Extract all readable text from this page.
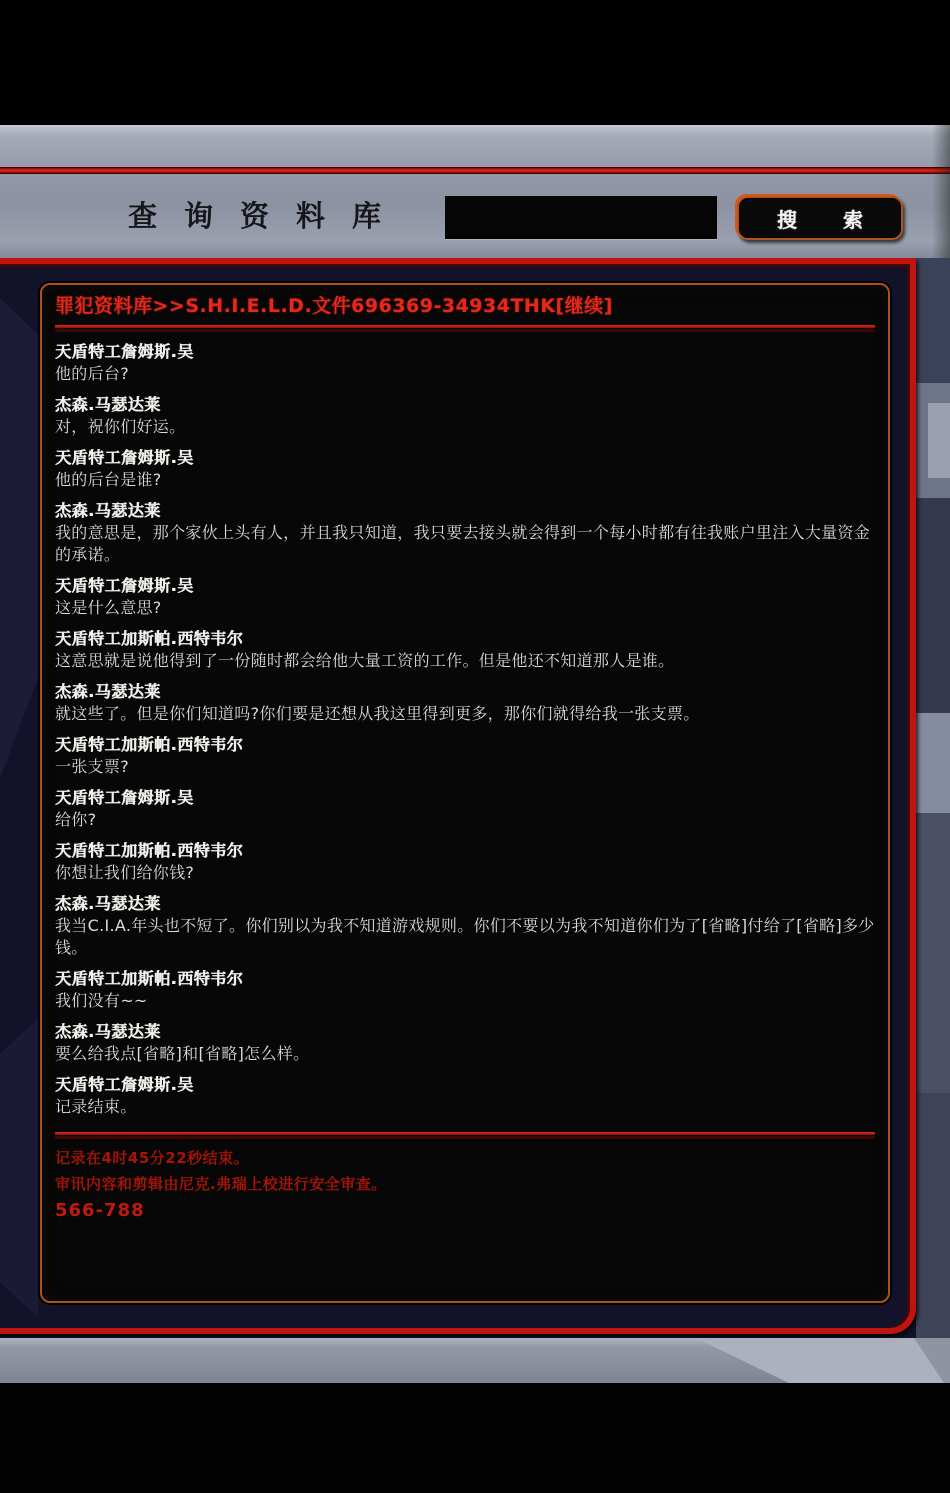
查询资料库	搜索
罪犯资料库>>S.H.I.E.L.D.文件696369-34934THK[继续]
天盾特工詹姆斯.吴
他的后台?
杰森.马瑟达莱
对，祝你们好运。
天盾特工詹姆斯.吴
他的后台是谁?
杰森.马瑟达莱
我的意思是，那个家伙上头有人，并且我只知道，我只要去接头就会得到一个每小时都有往我账户里注入大量资金的承诺。
天盾特工詹姆斯.吴
这是什么意思?
天盾特工加斯帕.西特韦尔
这意思就是说他得到了一份随时都会给他大量工资的工作。但是他还不知道那人是谁。
杰森.马瑟达莱
就这些了。但是你们知道吗?你们要是还想从我这里得到更多，那你们就得给我一张支票。
天盾特工加斯帕.西特韦尔
一张支票?
天盾特工詹姆斯.吴
给你?
天盾特工加斯帕.西特韦尔
你想让我们给你钱?
杰森.马瑟达莱
我当C.I.A.年头也不短了。你们别以为我不知道游戏规则。你们不要以为我不知道你们为了[省略]付给了[省略]多少钱。
天盾特工加斯帕.西特韦尔
我们没有~~
杰森.马瑟达莱
要么给我点[省略]和[省略]怎么样。
天盾特工詹姆斯.吴
记录结束。
记录在4时45分22秒结束。
审讯内容和剪辑由尼克.弗瑞上校进行安全审查。
566-788
